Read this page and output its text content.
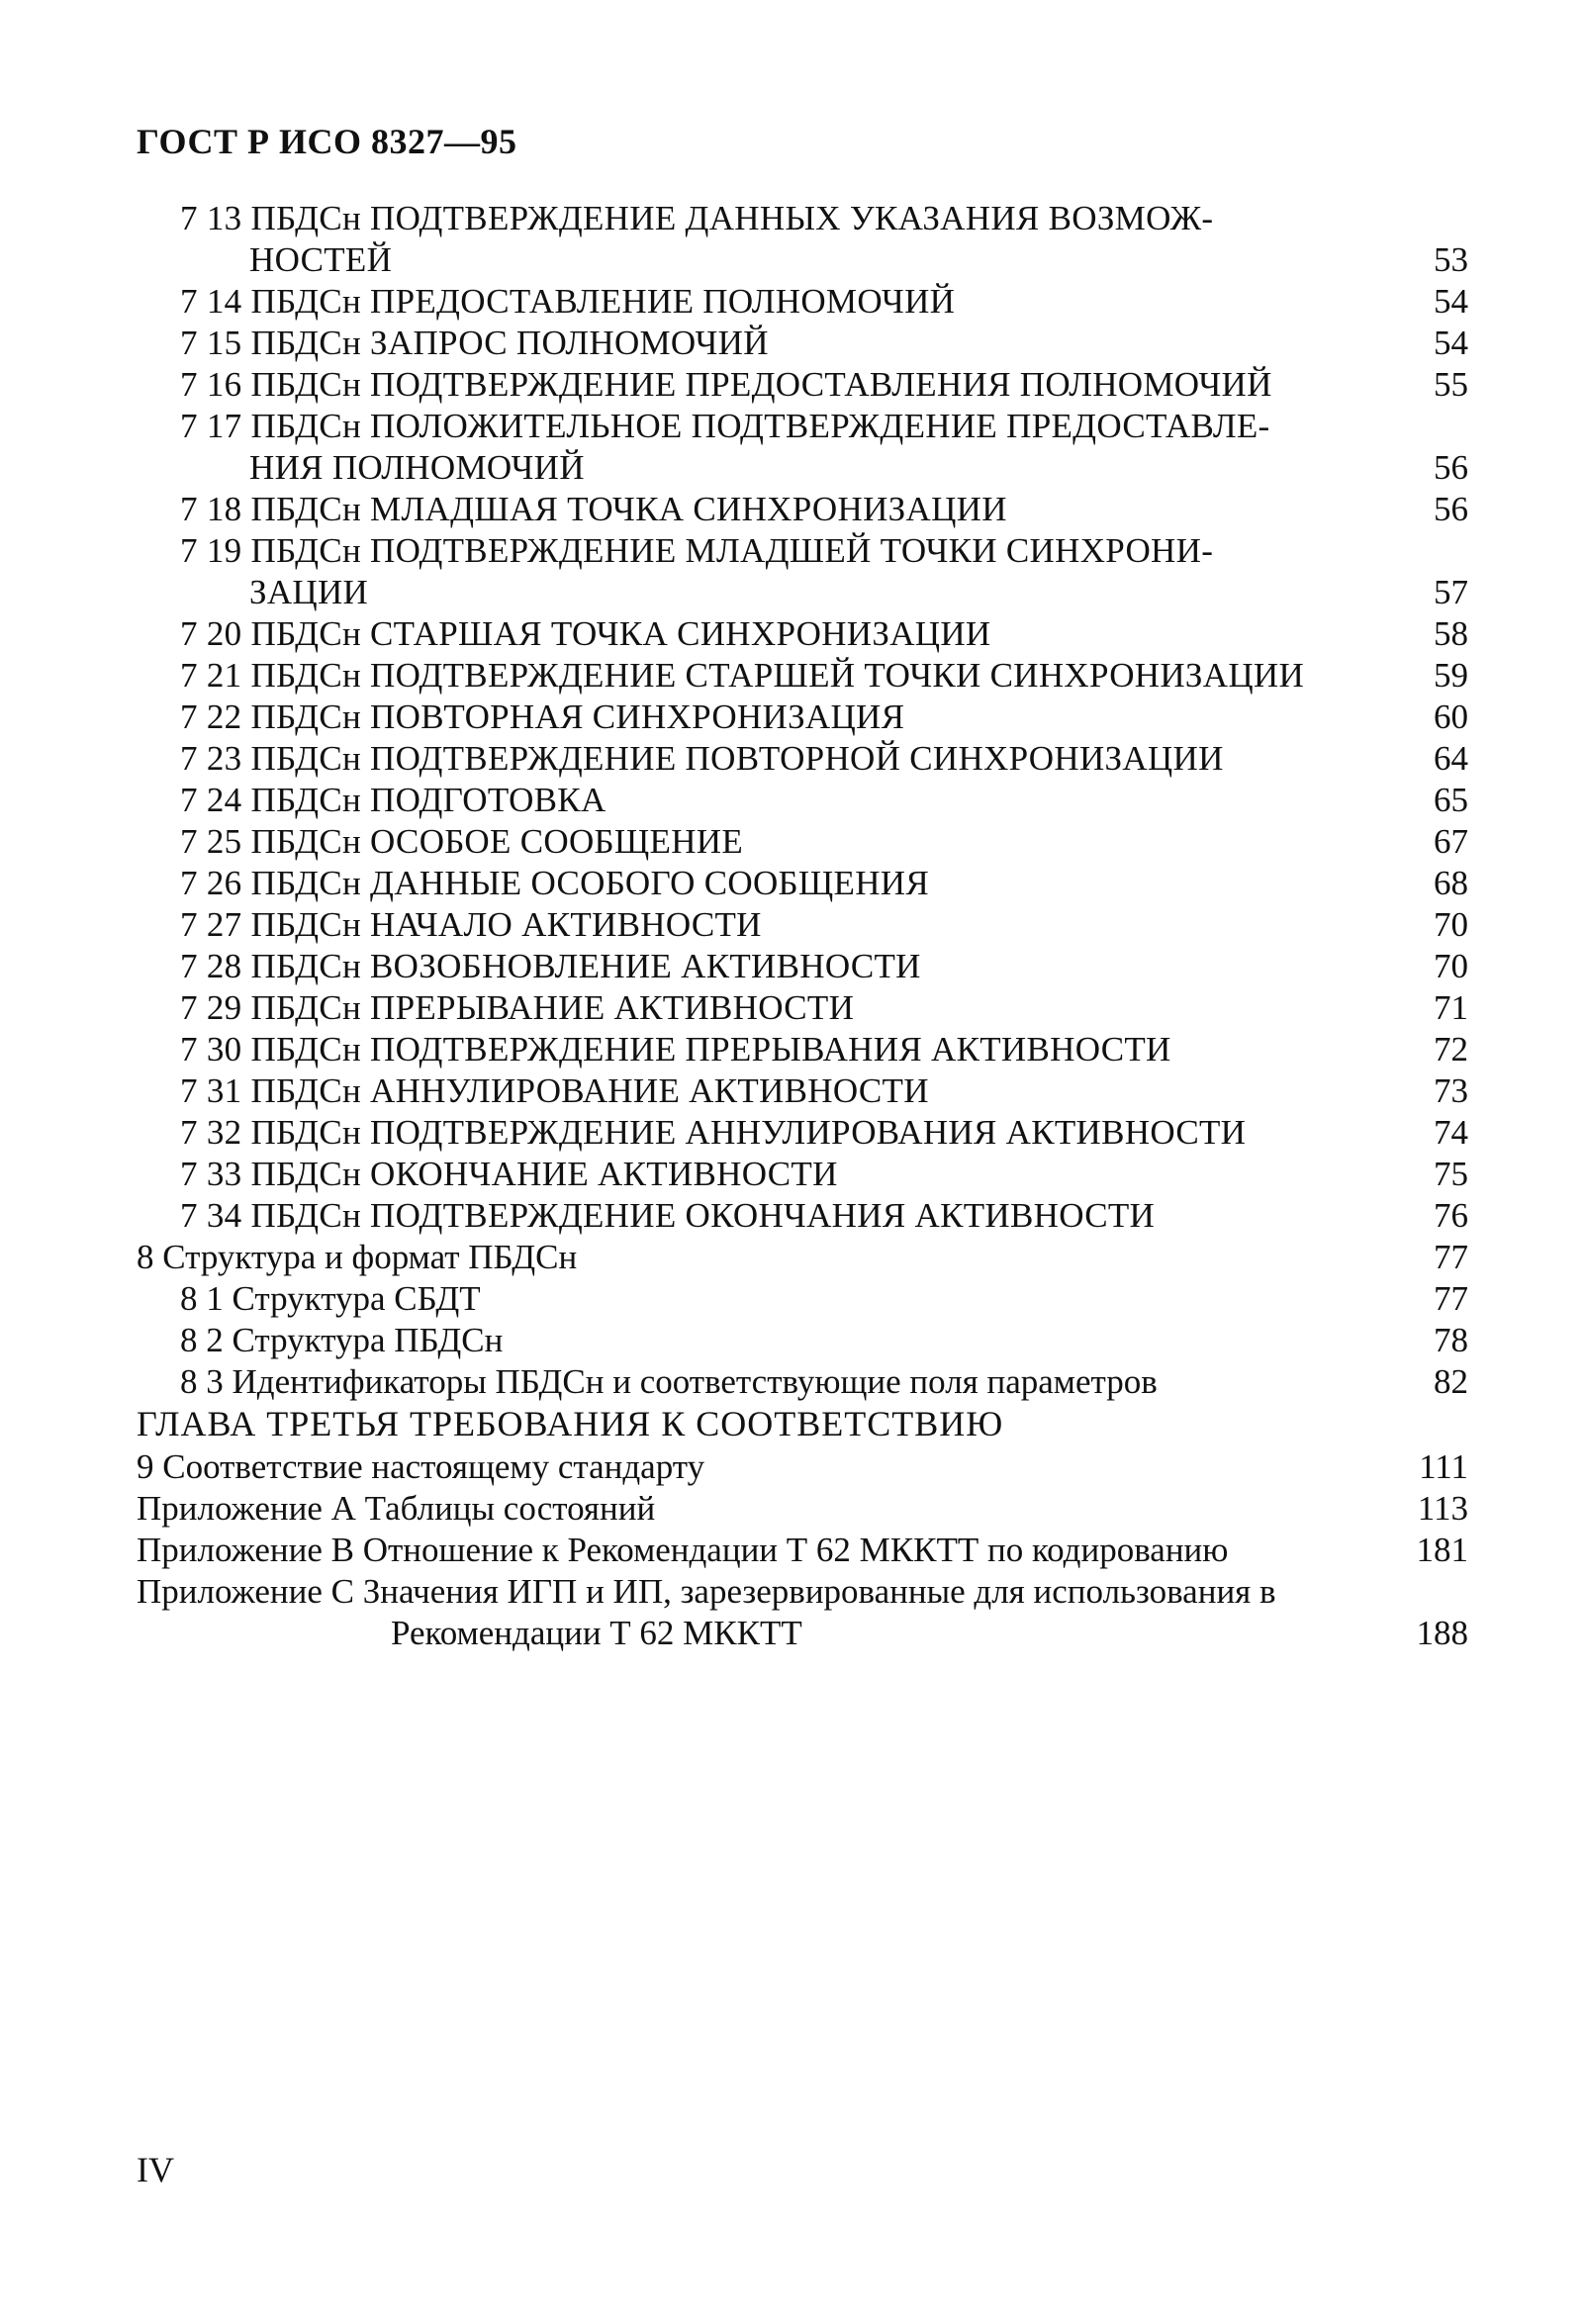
ГОСТ Р ИСО 8327—95
7 13 ПБДСн ПОДТВЕРЖДЕНИЕ ДАННЫХ УКАЗАНИЯ ВОЗМОЖ-
НОСТЕЙ	53
7 14 ПБДСн ПРЕДОСТАВЛЕНИЕ ПОЛНОМОЧИЙ	54
7 15 ПБДСн ЗАПРОС ПОЛНОМОЧИЙ	54
7 16 ПБДСн ПОДТВЕРЖДЕНИЕ ПРЕДОСТАВЛЕНИЯ ПОЛНОМОЧИЙ	55
7 17 ПБДСн ПОЛОЖИТЕЛЬНОЕ ПОДТВЕРЖДЕНИЕ ПРЕДОСТАВЛЕ-
НИЯ ПОЛНОМОЧИЙ	56
7 18 ПБДСн МЛАДШАЯ ТОЧКА СИНХРОНИЗАЦИИ	56
7 19 ПБДСн ПОДТВЕРЖДЕНИЕ МЛАДШЕЙ ТОЧКИ СИНХРОНИ-
ЗАЦИИ	57
7 20 ПБДСн СТАРШАЯ ТОЧКА СИНХРОНИЗАЦИИ	58
7 21 ПБДСн ПОДТВЕРЖДЕНИЕ СТАРШЕЙ ТОЧКИ СИНХРОНИЗАЦИИ	59
7 22 ПБДСн ПОВТОРНАЯ СИНХРОНИЗАЦИЯ	60
7 23 ПБДСн ПОДТВЕРЖДЕНИЕ ПОВТОРНОЙ СИНХРОНИЗАЦИИ	64
7 24 ПБДСн ПОДГОТОВКА	65
7 25 ПБДСн ОСОБОЕ СООБЩЕНИЕ	67
7 26 ПБДСн ДАННЫЕ ОСОБОГО СООБЩЕНИЯ	68
7 27 ПБДСн НАЧАЛО АКТИВНОСТИ	70
7 28 ПБДСн ВОЗОБНОВЛЕНИЕ АКТИВНОСТИ	70
7 29 ПБДСн ПРЕРЫВАНИЕ АКТИВНОСТИ	71
7 30 ПБДСн ПОДТВЕРЖДЕНИЕ ПРЕРЫВАНИЯ АКТИВНОСТИ	72
7 31 ПБДСн АННУЛИРОВАНИЕ АКТИВНОСТИ	73
7 32 ПБДСн ПОДТВЕРЖДЕНИЕ АННУЛИРОВАНИЯ АКТИВНОСТИ	74
7 33 ПБДСн ОКОНЧАНИЕ АКТИВНОСТИ	75
7 34 ПБДСн ПОДТВЕРЖДЕНИЕ ОКОНЧАНИЯ АКТИВНОСТИ	76
8 Структура и формат ПБДСн	77
8 1 Структура СБДТ	77
8 2 Структура ПБДСн	78
8 3 Идентификаторы ПБДСн и соответствующие поля параметров	82
ГЛАВА ТРЕТЬЯ ТРЕБОВАНИЯ К СООТВЕТСТВИЮ
9 Соответствие настоящему стандарту	111
Приложение А Таблицы состояний	113
Приложение В Отношение к Рекомендации Т 62 МККТТ по кодированию	181
Приложение С Значения ИГП и ИП, зарезервированные для использования в
Рекомендации Т 62 МККТТ	188
IV
